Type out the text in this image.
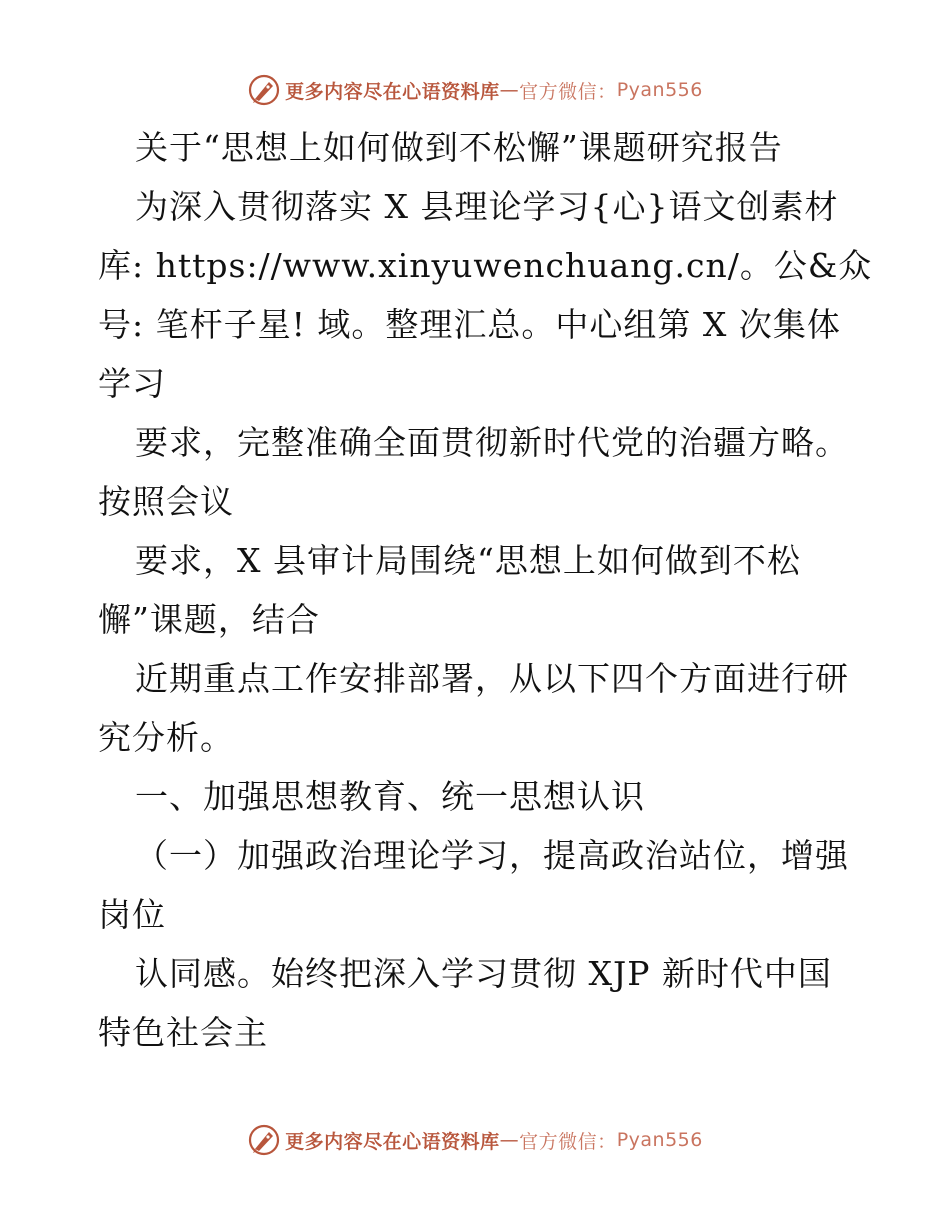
更多内容尽在心语资料库 — 官方微信： Pyan556
关于“思想上如何做到不松懈”课题研究报告
为深入贯彻落实 X 县理论学习{心}语文创素材
库: https://www.xinyuwenchuang.cn/。公&众
号: 笔杆子星! 域。整理汇总。中心组第 X 次集体
学习
要求，完整准确全面贯彻新时代党的治疆方略。
按照会议
要求，X 县审计局围绕“思想上如何做到不松
懈”课题，结合
近期重点工作安排部署，从以下四个方面进行研
究分析。
一、加强思想教育、统一思想认识
（一）加强政治理论学习，提高政治站位，增强
岗位
认同感。始终把深入学习贯彻 XJP 新时代中国
特色社会主
更多内容尽在心语资料库 — 官方微信： Pyan556
